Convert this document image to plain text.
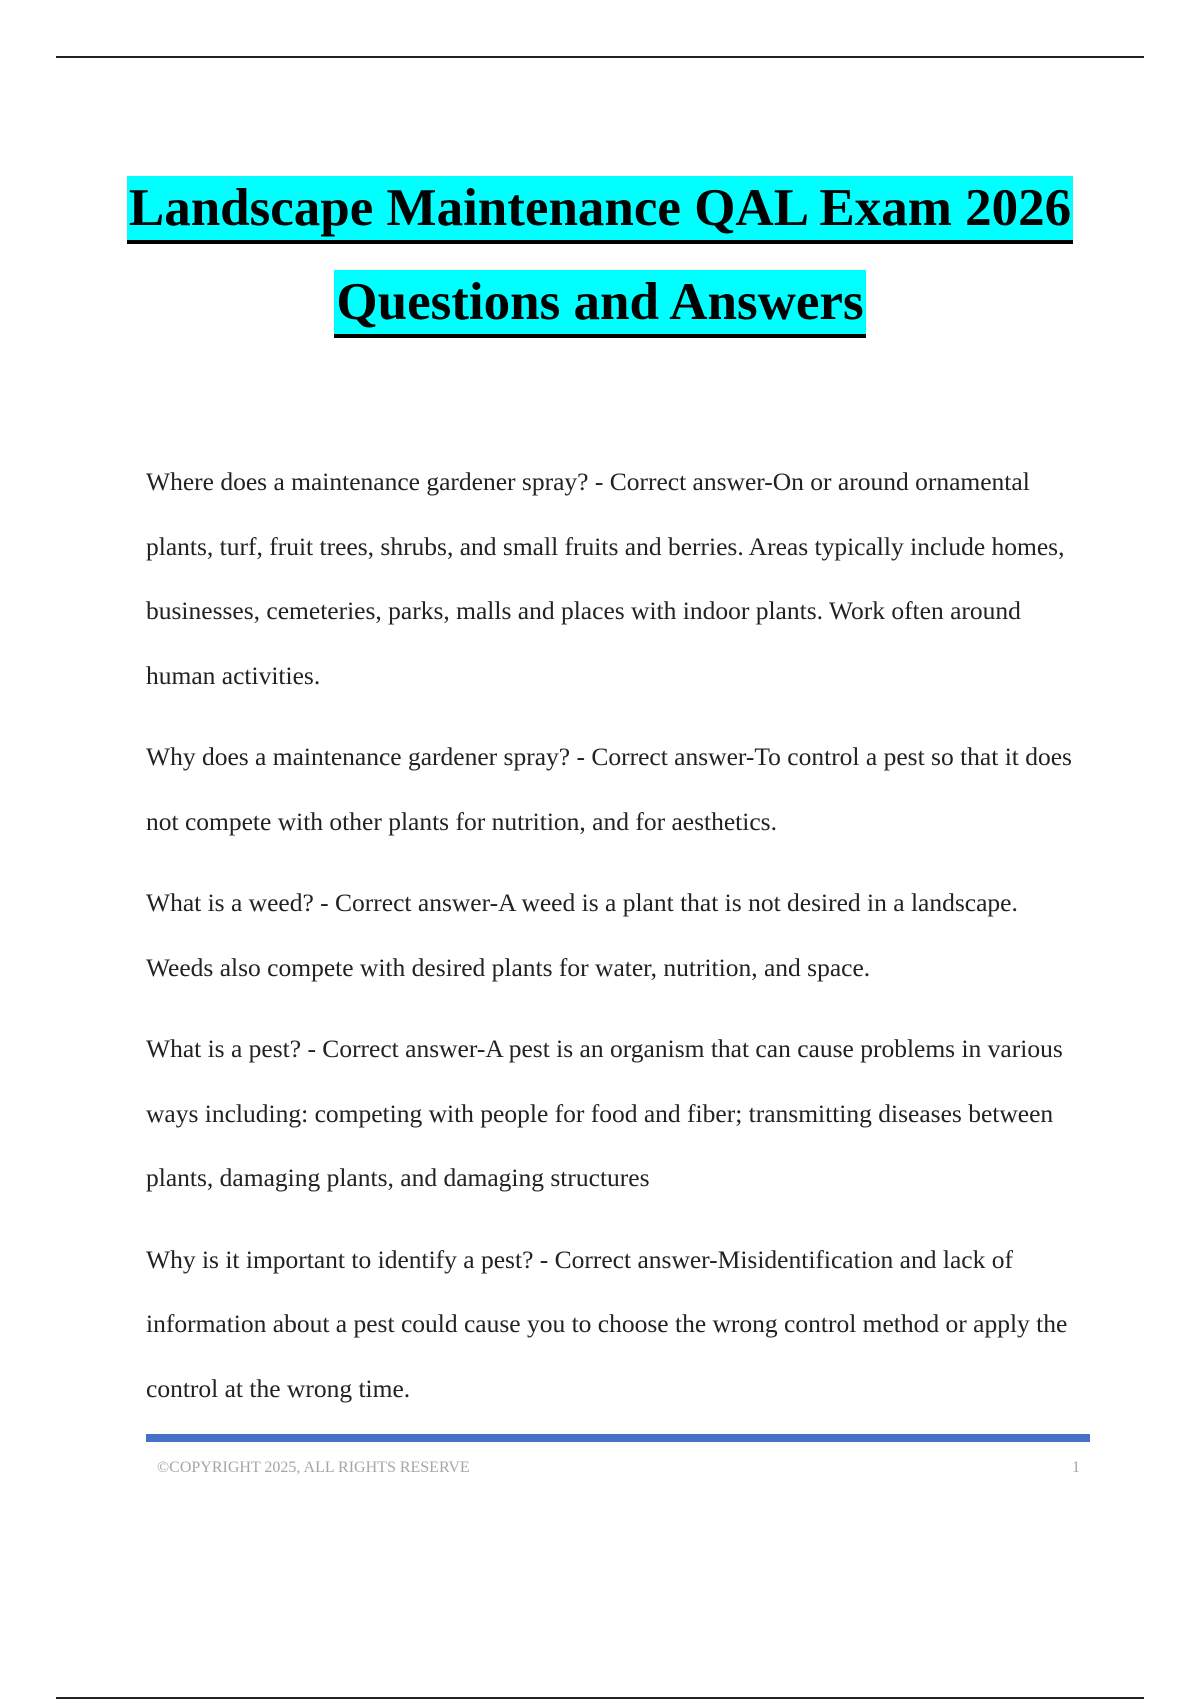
Landscape Maintenance QAL Exam 2026
Questions and Answers

Where does a maintenance gardener spray? - Correct answer-On or around ornamental plants, turf, fruit trees, shrubs, and small fruits and berries. Areas typically include homes, businesses, cemeteries, parks, malls and places with indoor plants. Work often around human activities.

Why does a maintenance gardener spray? - Correct answer-To control a pest so that it does not compete with other plants for nutrition, and for aesthetics.

What is a weed? - Correct answer-A weed is a plant that is not desired in a landscape. Weeds also compete with desired plants for water, nutrition, and space.

What is a pest? - Correct answer-A pest is an organism that can cause problems in various ways including: competing with people for food and fiber; transmitting diseases between plants, damaging plants, and damaging structures

Why is it important to identify a pest? - Correct answer-Misidentification and lack of information about a pest could cause you to choose the wrong control method or apply the control at the wrong time.

©COPYRIGHT 2025, ALL RIGHTS RESERVE	1
